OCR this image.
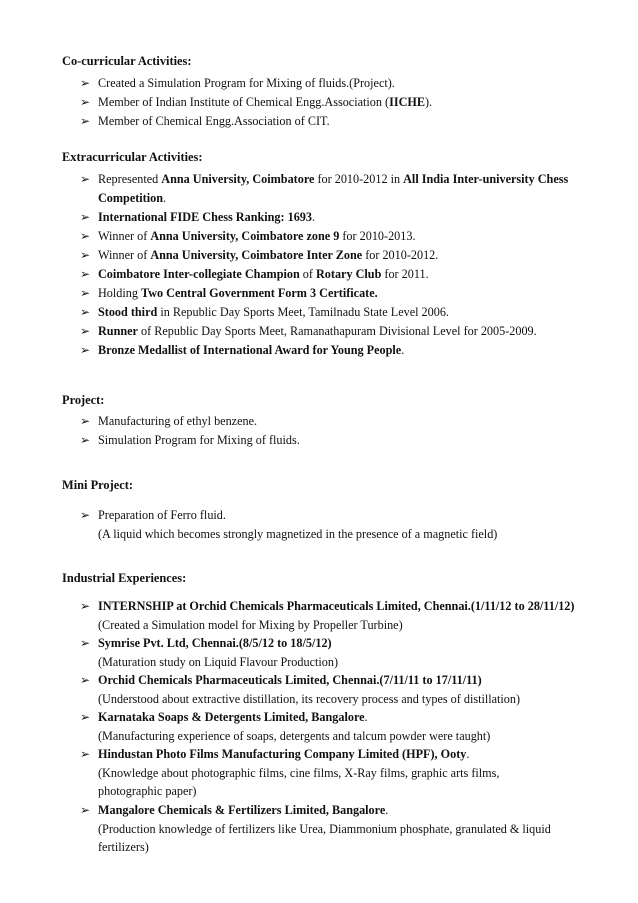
Co-curricular Activities:
➢ Created a Simulation Program for Mixing of fluids.(Project).
➢ Member of Indian Institute of Chemical Engg.Association (IICHE).
➢ Member of Chemical Engg.Association of CIT.
Extracurricular Activities:
➢ Represented Anna University, Coimbatore for 2010-2012 in All India Inter-university Chess
Competition.
➢ International FIDE Chess Ranking: 1693.
➢ Winner of Anna University, Coimbatore zone 9 for 2010-2013.
➢ Winner of Anna University, Coimbatore Inter Zone for 2010-2012.
➢ Coimbatore Inter-collegiate Champion of Rotary Club for 2011.
➢ Holding Two Central Government Form 3 Certificate.
➢ Stood third in Republic Day Sports Meet, Tamilnadu State Level 2006.
➢ Runner of Republic Day Sports Meet, Ramanathapuram Divisional Level for 2005-2009.
➢ Bronze Medallist of International Award for Young People.
Project:
➢ Manufacturing of ethyl benzene.
➢ Simulation Program for Mixing of fluids.
Mini Project:
➢ Preparation of Ferro fluid.
(A liquid which becomes strongly magnetized in the presence of a magnetic field)
Industrial Experiences:
➢ INTERNSHIP at Orchid Chemicals Pharmaceuticals Limited, Chennai.(1/11/12 to 28/11/12)
(Created a Simulation model for Mixing by Propeller Turbine)
➢ Symrise Pvt. Ltd, Chennai.(8/5/12 to 18/5/12)
(Maturation study on Liquid Flavour Production)
➢ Orchid Chemicals Pharmaceuticals Limited, Chennai.(7/11/11 to 17/11/11)
(Understood about extractive distillation, its recovery process and types of distillation)
➢ Karnataka Soaps & Detergents Limited, Bangalore.
(Manufacturing experience of soaps, detergents and talcum powder were taught)
➢ Hindustan Photo Films Manufacturing Company Limited (HPF), Ooty.
(Knowledge about photographic films, cine films, X-Ray films, graphic arts films,
photographic paper)
➢ Mangalore Chemicals & Fertilizers Limited, Bangalore.
(Production knowledge of fertilizers like Urea, Diammonium phosphate, granulated & liquid
fertilizers)
